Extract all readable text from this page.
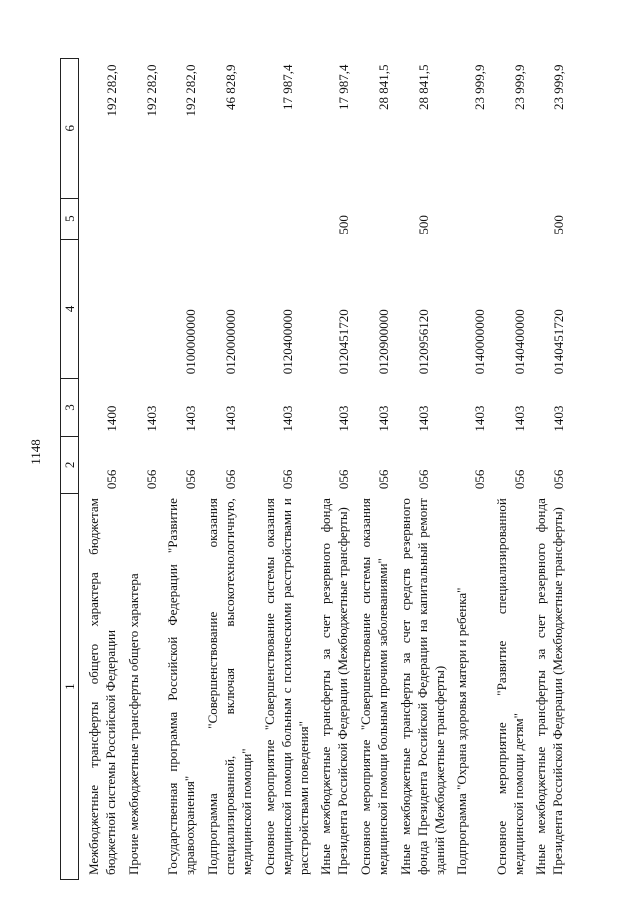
1148
1	2	3	4	5	6
Межбюджетные трансферты общего характера бюджетам бюджетной системы Российской Федерации	056	1400			192 282,0
Прочие межбюджетные трансферты общего характера	056	1403			192 282,0
Государственная программа Российской Федерации "Развитие здравоохранения"	056	1403	0100000000		192 282,0
Подпрограмма "Совершенствование оказания специализированной, включая высокотехнологичную, медицинской помощи"	056	1403	0120000000		46 828,9
Основное мероприятие "Совершенствование системы оказания медицинской помощи больным с психическими расстройствами и расстройствами поведения"	056	1403	0120400000		17 987,4
Иные межбюджетные трансферты за счет резервного фонда Президента Российской Федерации (Межбюджетные трансферты)	056	1403	0120451720	500	17 987,4
Основное мероприятие "Совершенствование системы оказания медицинской помощи больным прочими заболеваниями"	056	1403	0120900000		28 841,5
Иные межбюджетные трансферты за счет средств резервного фонда Президента Российской Федерации на капитальный ремонт зданий (Межбюджетные трансферты)	056	1403	0120956120	500	28 841,5
Подпрограмма "Охрана здоровья матери и ребенка"	056	1403	0140000000		23 999,9
Основное мероприятие "Развитие специализированной медицинской помощи детям"	056	1403	0140400000		23 999,9
Иные межбюджетные трансферты за счет резервного фонда Президента Российской Федерации (Межбюджетные трансферты)	056	1403	0140451720	500	23 999,9
